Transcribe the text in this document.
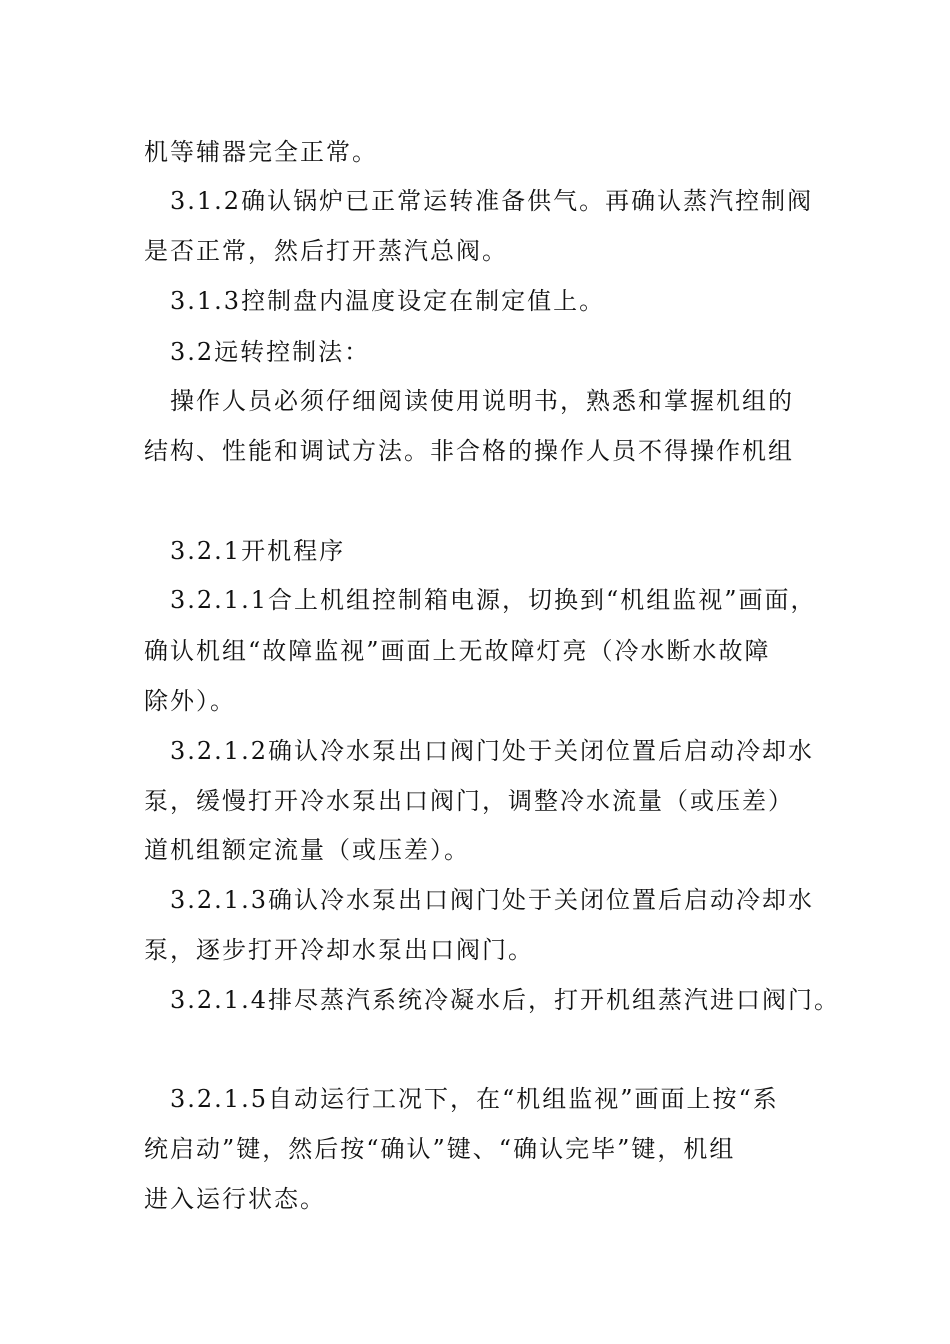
机等辅器完全正常。
3.1.2确认锅炉已正常运转准备供气。再确认蒸汽控制阀
是否正常，然后打开蒸汽总阀。
3.1.3控制盘内温度设定在制定值上。
3.2远转控制法：
操作人员必须仔细阅读使用说明书，熟悉和掌握机组的
结构、性能和调试方法。非合格的操作人员不得操作机组
3.2.1开机程序
3.2.1.1合上机组控制箱电源，切换到“机组监视”画面，
确认机组“故障监视”画面上无故障灯亮（冷水断水故障
除外）。
3.2.1.2确认冷水泵出口阀门处于关闭位置后启动冷却水
泵，缓慢打开冷水泵出口阀门，调整冷水流量（或压差）
道机组额定流量（或压差）。
3.2.1.3确认冷水泵出口阀门处于关闭位置后启动冷却水
泵，逐步打开冷却水泵出口阀门。
3.2.1.4排尽蒸汽系统冷凝水后，打开机组蒸汽进口阀门。
3.2.1.5自动运行工况下，在“机组监视”画面上按“系
统启动”键，然后按“确认”键、“确认完毕”键，机组
进入运行状态。
